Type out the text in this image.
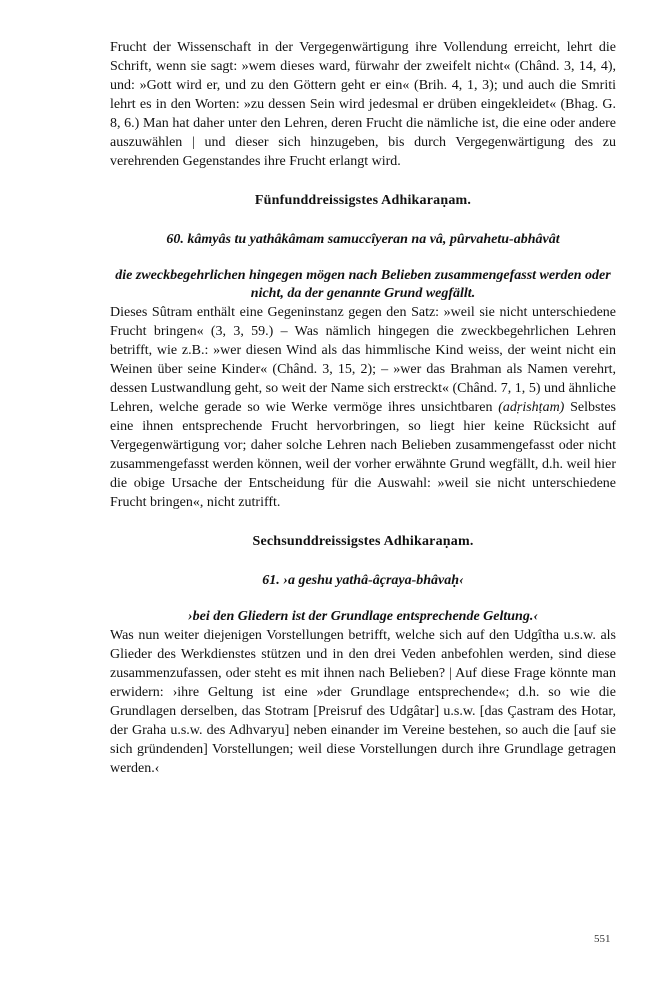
Frucht der Wissenschaft in der Vergegenwärtigung ihre Vollendung erreicht, lehrt die Schrift, wenn sie sagt: »wem dieses ward, fürwahr der zweifelt nicht« (Chând. 3, 14, 4), und: »Gott wird er, und zu den Göttern geht er ein« (Brih. 4, 1, 3); und auch die Smriti lehrt es in den Worten: »zu dessen Sein wird jedesmal er drüben eingekleidet« (Bhag. G. 8, 6.) Man hat daher unter den Lehren, deren Frucht die nämliche ist, die eine oder andere auszuwählen | und dieser sich hinzugeben, bis durch Vergegenwärtigung des zu verehrenden Gegenstandes ihre Frucht erlangt wird.

Fünfunddreissigstes Adhikaraṇam.
60. kâmyâs tu yathâkâmam samuccîyeran na vâ, pûrvahetu-abhâvât
die zweckbegehrlichen hingegen mögen nach Belieben zusammengefasst werden oder nicht, da der genannte Grund wegfällt.

Dieses Sûtram enthält eine Gegeninstanz gegen den Satz: »weil sie nicht unterschiedene Frucht bringen« (3, 3, 59.) – Was nämlich hingegen die zweckbegehrlichen Lehren betrifft, wie z.B.: »wer diesen Wind als das himmlische Kind weiss, der weint nicht ein Weinen über seine Kinder« (Chând. 3, 15, 2); – »wer das Brahman als Namen verehrt, dessen Lustwandlung geht, so weit der Name sich erstreckt« (Chând. 7, 1, 5) und ähnliche Lehren, welche gerade so wie Werke vermöge ihres unsichtbaren (adṛishṭam) Selbstes eine ihnen entsprechende Frucht hervorbringen, so liegt hier keine Rücksicht auf Vergegenwärtigung vor; daher solche Lehren nach Belieben zusammengefasst oder nicht zusammengefasst werden können, weil der vorher erwähnte Grund wegfällt, d.h. weil hier die obige Ursache der Entscheidung für die Auswahl: »weil sie nicht unterschiedene Frucht bringen«, nicht zutrifft.

Sechsunddreissigstes Adhikaraṇam.
61. ›a geshu yathâ-âçraya-bhâvaḥ‹
›bei den Gliedern ist der Grundlage entsprechende Geltung.‹

Was nun weiter diejenigen Vorstellungen betrifft, welche sich auf den Udgîtha u.s.w. als Glieder des Werkdienstes stützen und in den drei Veden anbefohlen werden, sind diese zusammenzufassen, oder steht es mit ihnen nach Belieben? | Auf diese Frage könnte man erwidern: ›ihre Geltung ist eine »der Grundlage entsprechende«; d.h. so wie die Grundlagen derselben, das Stotram [Preisruf des Udgâtar] u.s.w. [das Çastram des Hotar, der Graha u.s.w. des Adhvaryu] neben einander im Vereine bestehen, so auch die [auf sie sich gründenden] Vorstellungen; weil diese Vorstellungen durch ihre Grundlage getragen werden.‹

551
